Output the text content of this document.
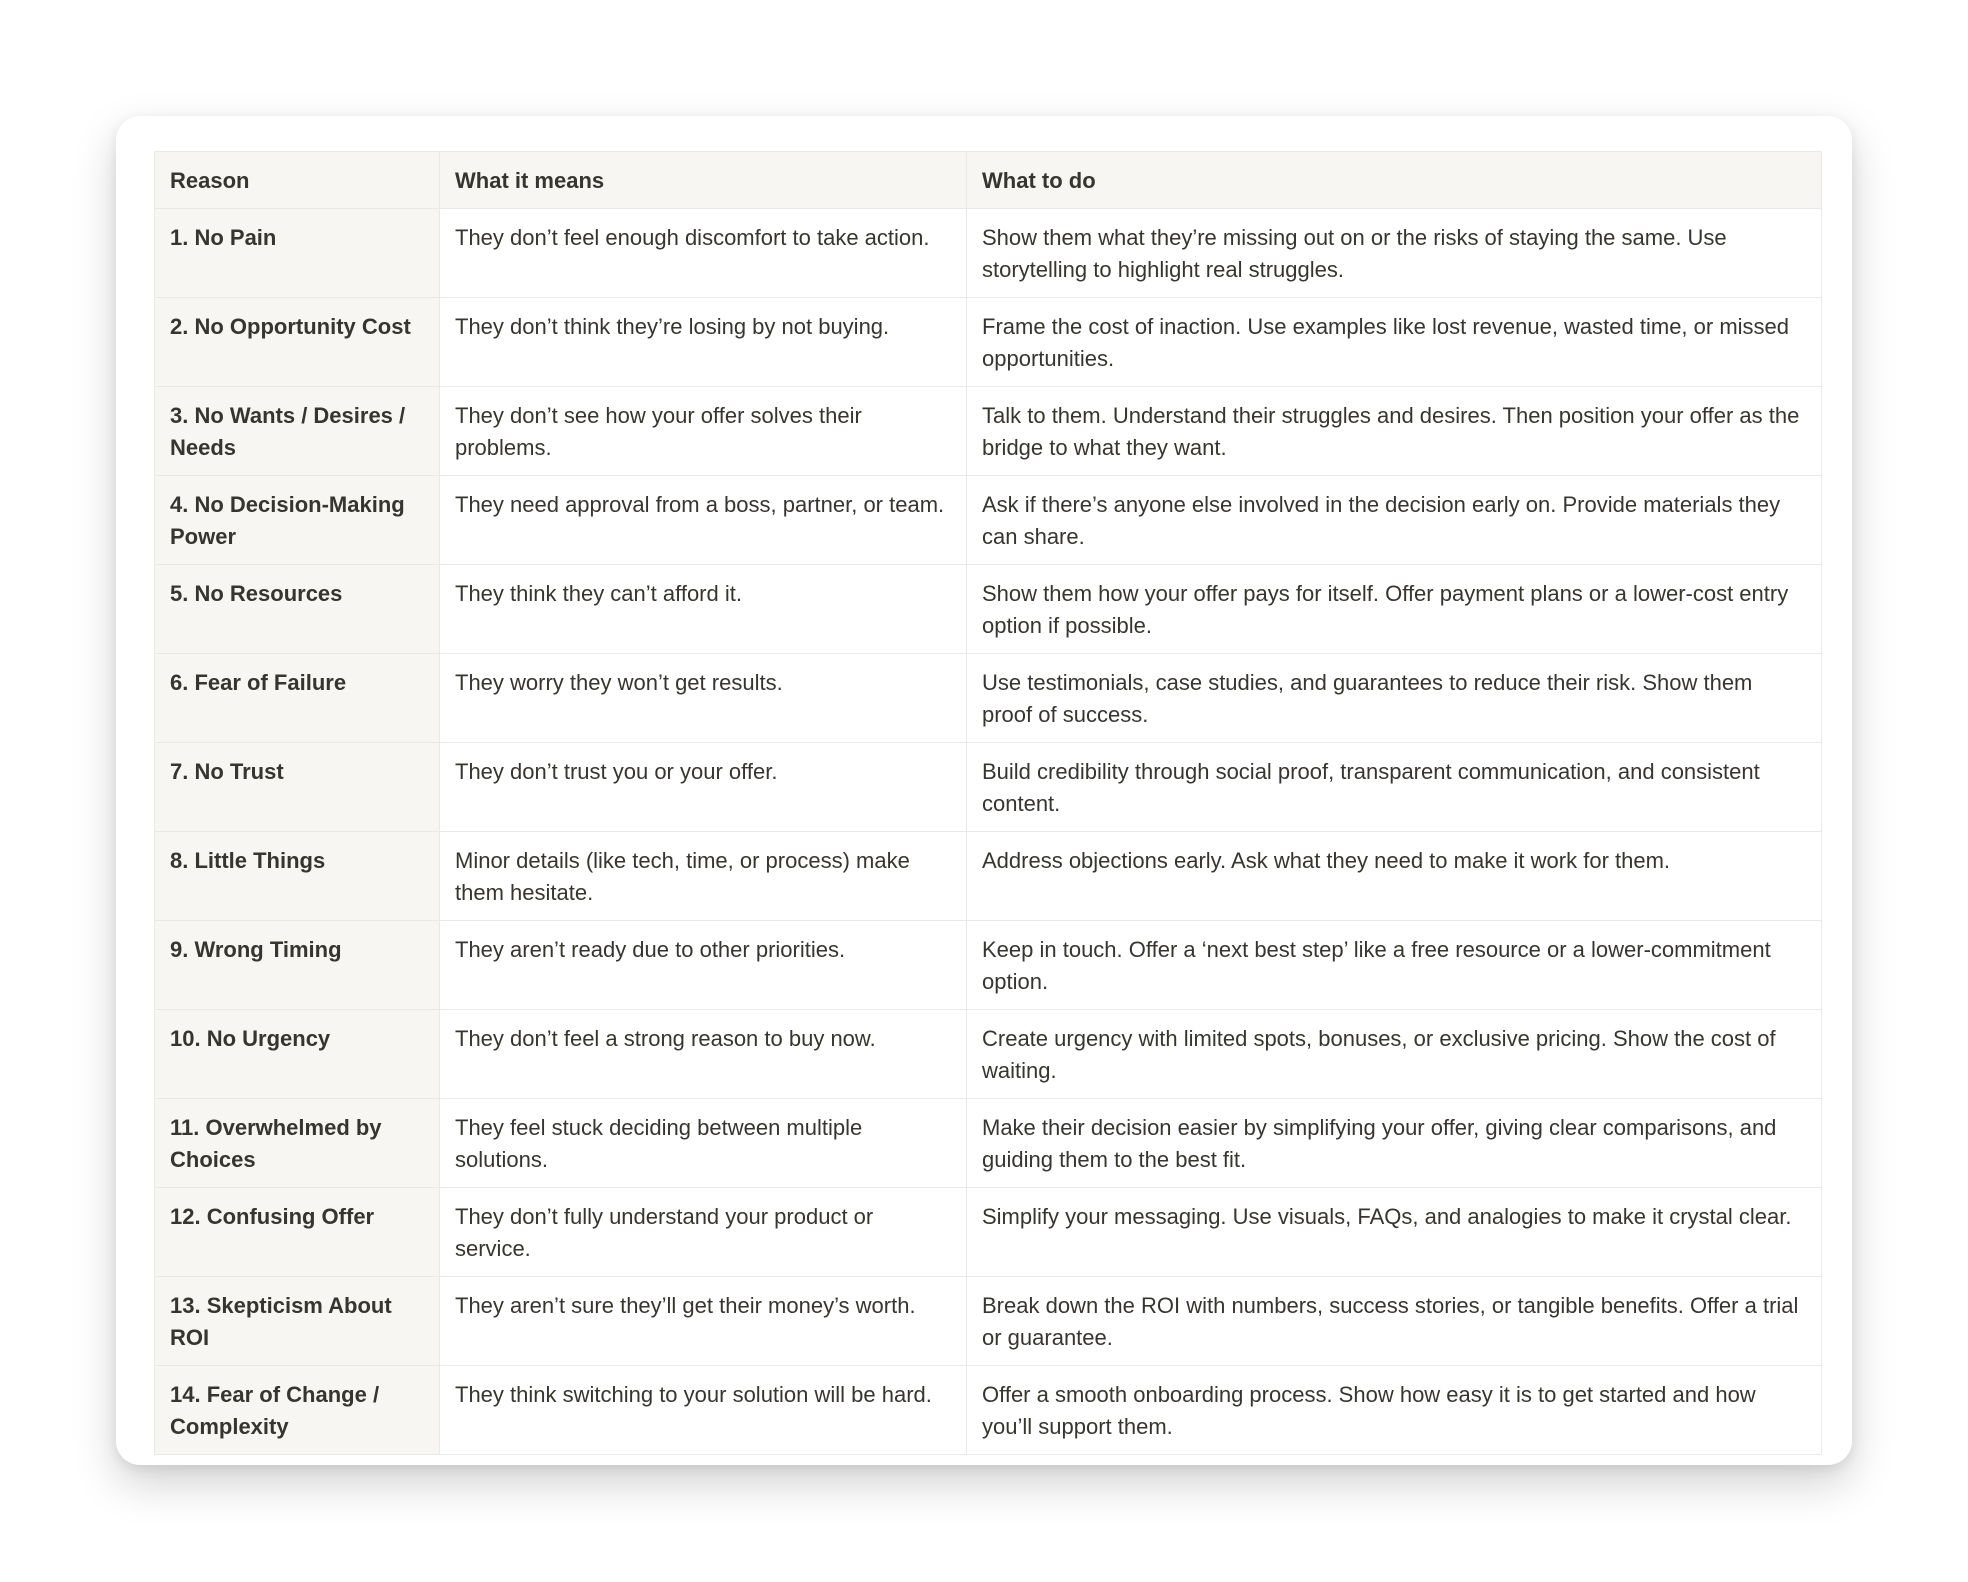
Reason	What it means	What to do
1. No Pain	They don’t feel enough discomfort to take action.	Show them what they’re missing out on or the risks of staying the same. Use storytelling to highlight real struggles.
2. No Opportunity Cost	They don’t think they’re losing by not buying.	Frame the cost of inaction. Use examples like lost revenue, wasted time, or missed opportunities.
3. No Wants / Desires / Needs	They don’t see how your offer solves their problems.	Talk to them. Understand their struggles and desires. Then position your offer as the bridge to what they want.
4. No Decision-Making Power	They need approval from a boss, partner, or team.	Ask if there’s anyone else involved in the decision early on. Provide materials they can share.
5. No Resources	They think they can’t afford it.	Show them how your offer pays for itself. Offer payment plans or a lower-cost entry option if possible.
6. Fear of Failure	They worry they won’t get results.	Use testimonials, case studies, and guarantees to reduce their risk. Show them proof of success.
7. No Trust	They don’t trust you or your offer.	Build credibility through social proof, transparent communication, and consistent content.
8. Little Things	Minor details (like tech, time, or process) make them hesitate.	Address objections early. Ask what they need to make it work for them.
9. Wrong Timing	They aren’t ready due to other priorities.	Keep in touch. Offer a ‘next best step’ like a free resource or a lower-commitment option.
10. No Urgency	They don’t feel a strong reason to buy now.	Create urgency with limited spots, bonuses, or exclusive pricing. Show the cost of waiting.
11. Overwhelmed by Choices	They feel stuck deciding between multiple solutions.	Make their decision easier by simplifying your offer, giving clear comparisons, and guiding them to the best fit.
12. Confusing Offer	They don’t fully understand your product or service.	Simplify your messaging. Use visuals, FAQs, and analogies to make it crystal clear.
13. Skepticism About ROI	They aren’t sure they’ll get their money’s worth.	Break down the ROI with numbers, success stories, or tangible benefits. Offer a trial or guarantee.
14. Fear of Change / Complexity	They think switching to your solution will be hard.	Offer a smooth onboarding process. Show how easy it is to get started and how you’ll support them.
